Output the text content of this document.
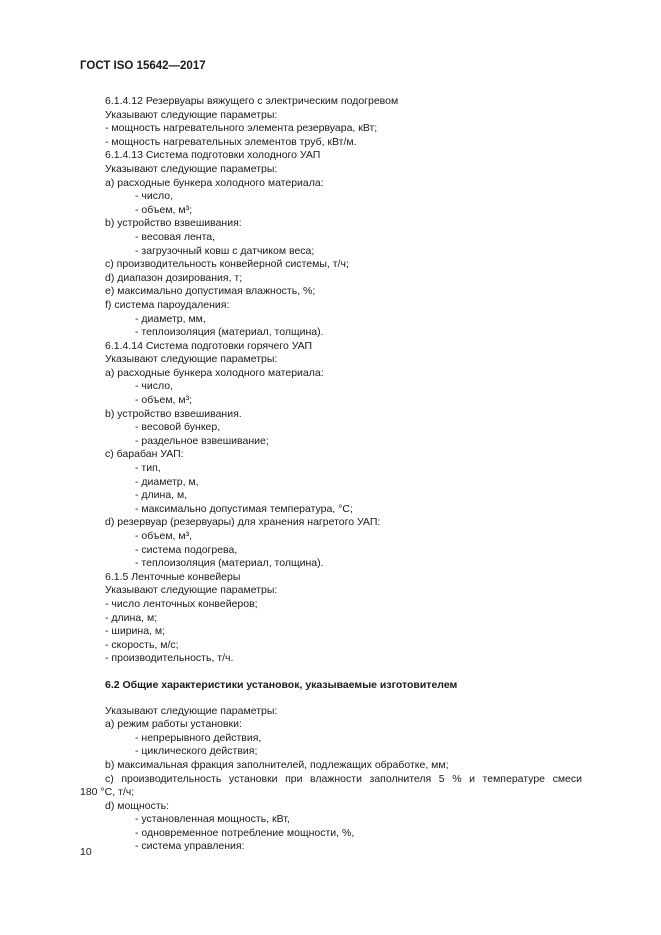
ГОСТ ISO 15642—2017
6.1.4.12 Резервуары вяжущего с электрическим подогревом
Указывают следующие параметры:
- мощность нагревательного элемента резервуара, кВт;
- мощность нагревательных элементов труб, кВт/м.
6.1.4.13 Система подготовки холодного УАП
Указывают следующие параметры:
a) расходные бункера холодного материала:
- число,
- объем, м³;
b) устройство взвешивания:
- весовая лента,
- загрузочный ковш с датчиком веса;
c) производительность конвейерной системы, т/ч;
d) диапазон дозирования, т;
e) максимально допустимая влажность, %;
f) система пароудаления:
- диаметр, мм,
- теплоизоляция (материал, толщина).
6.1.4.14 Система подготовки горячего УАП
Указывают следующие параметры:
a) расходные бункера холодного материала:
- число,
- объем, м³;
b) устройство взвешивания.
- весовой бункер,
- раздельное взвешивание;
c) барабан УАП:
- тип,
- диаметр, м,
- длина, м,
- максимально допустимая температура, °C;
d) резервуар (резервуары) для хранения нагретого УАП:
- объем, м³,
- система подогрева,
- теплоизоляция (материал, толщина).
6.1.5 Ленточные конвейеры
Указывают следующие параметры:
- число ленточных конвейеров;
- длина, м;
- ширина, м;
- скорость, м/с;
- производительность, т/ч.
6.2 Общие характеристики установок, указываемые изготовителем
Указывают следующие параметры:
a) режим работы установки:
- непрерывного действия,
- циклического действия;
b) максимальная фракция заполнителей, подлежащих обработке, мм;
c) производительность установки при влажности заполнителя 5 % и температуре смеси
180 °C, т/ч;
d) мощность:
- установленная мощность, кВт,
- одновременное потребление мощности, %,
- система управления:
10
